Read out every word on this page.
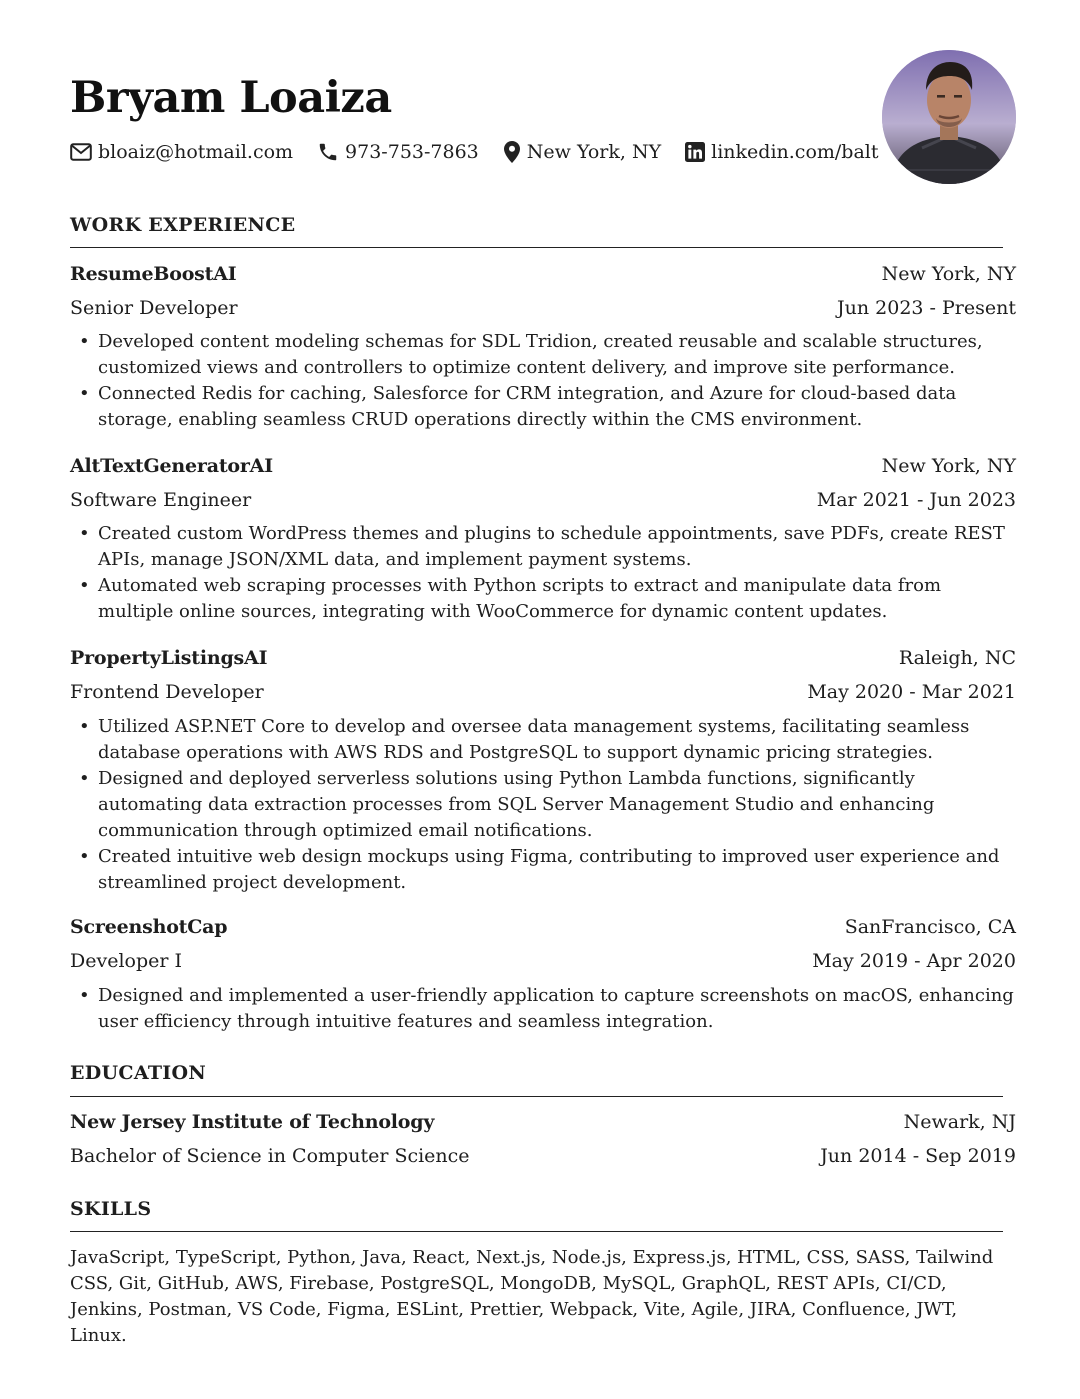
Bryam Loaiza
bloaiz@hotmail.com	973-753-7863	New York, NY	linkedin.com/balt
WORK EXPERIENCE
ResumeBoostAI	New York, NY
Senior Developer	Jun 2023 - Present
• Developed content modeling schemas for SDL Tridion, created reusable and scalable structures, customized views and controllers to optimize content delivery, and improve site performance.
• Connected Redis for caching, Salesforce for CRM integration, and Azure for cloud-based data storage, enabling seamless CRUD operations directly within the CMS environment.
AltTextGeneratorAI	New York, NY
Software Engineer	Mar 2021 - Jun 2023
• Created custom WordPress themes and plugins to schedule appointments, save PDFs, create REST APIs, manage JSON/XML data, and implement payment systems.
• Automated web scraping processes with Python scripts to extract and manipulate data from multiple online sources, integrating with WooCommerce for dynamic content updates.
PropertyListingsAI	Raleigh, NC
Frontend Developer	May 2020 - Mar 2021
• Utilized ASP.NET Core to develop and oversee data management systems, facilitating seamless database operations with AWS RDS and PostgreSQL to support dynamic pricing strategies.
• Designed and deployed serverless solutions using Python Lambda functions, significantly automating data extraction processes from SQL Server Management Studio and enhancing communication through optimized email notifications.
• Created intuitive web design mockups using Figma, contributing to improved user experience and streamlined project development.
ScreenshotCap	SanFrancisco, CA
Developer I	May 2019 - Apr 2020
• Designed and implemented a user-friendly application to capture screenshots on macOS, enhancing user efficiency through intuitive features and seamless integration.
EDUCATION
New Jersey Institute of Technology	Newark, NJ
Bachelor of Science in Computer Science	Jun 2014 - Sep 2019
SKILLS
JavaScript, TypeScript, Python, Java, React, Next.js, Node.js, Express.js, HTML, CSS, SASS, Tailwind CSS, Git, GitHub, AWS, Firebase, PostgreSQL, MongoDB, MySQL, GraphQL, REST APIs, CI/CD, Jenkins, Postman, VS Code, Figma, ESLint, Prettier, Webpack, Vite, Agile, JIRA, Confluence, JWT, Linux.
